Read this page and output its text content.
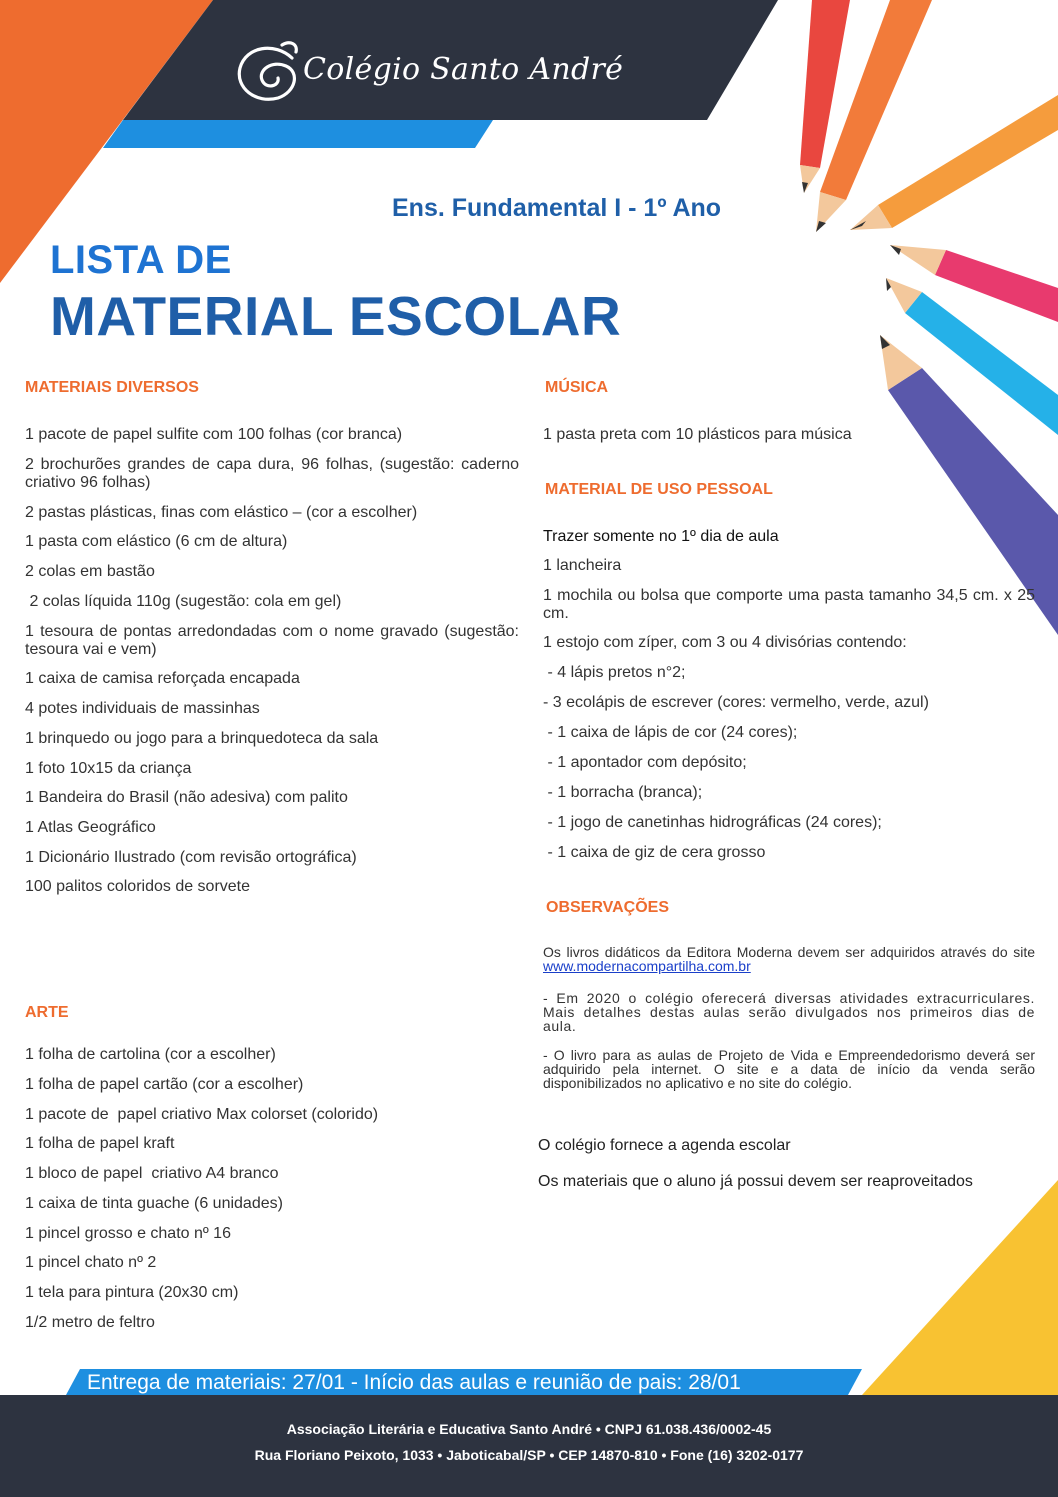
Colégio Santo André
Ens. Fundamental I - 1º Ano
LISTA DE
MATERIAL ESCOLAR
MATERIAIS DIVERSOS
1 pacote de papel sulfite com 100 folhas (cor branca)
2 brochurões grandes de capa dura, 96 folhas, (sugestão: caderno criativo 96 folhas)
2 pastas plásticas, finas com elástico – (cor a escolher)
1 pasta com elástico (6 cm de altura)
2 colas em bastão
2 colas líquida 110g (sugestão: cola em gel)
1 tesoura de pontas arredondadas com o nome gravado (sugestão: tesoura vai e vem)
1 caixa de camisa reforçada encapada
4 potes individuais de massinhas
1 brinquedo ou jogo para a brinquedoteca da sala
1 foto 10x15 da criança
1 Bandeira do Brasil (não adesiva) com palito
1 Atlas Geográfico
1 Dicionário Ilustrado (com revisão ortográfica)
100 palitos coloridos de sorvete
ARTE
1 folha de cartolina (cor a escolher)
1 folha de papel cartão (cor a escolher)
1 pacote de  papel criativo Max colorset (colorido)
1 folha de papel kraft
1 bloco de papel  criativo A4 branco
1 caixa de tinta guache (6 unidades)
1 pincel grosso e chato nº 16
1 pincel chato nº 2
1 tela para pintura (20x30 cm)
1/2 metro de feltro
MÚSICA
1 pasta preta com 10 plásticos para música
MATERIAL DE USO PESSOAL
Trazer somente no 1º dia de aula
1 lancheira
1 mochila ou bolsa que comporte uma pasta tamanho 34,5 cm. x 25 cm.
1 estojo com zíper, com 3 ou 4 divisórias contendo:
- 4 lápis pretos n°2;
- 3 ecolápis de escrever (cores: vermelho, verde, azul)
- 1 caixa de lápis de cor (24 cores);
- 1 apontador com depósito;
- 1 borracha (branca);
- 1 jogo de canetinhas hidrográficas (24 cores);
- 1 caixa de giz de cera grosso
OBSERVAÇÕES
Os livros didáticos da Editora Moderna devem ser adquiridos através do site www.modernacompartilha.com.br
- Em 2020 o colégio oferecerá diversas atividades extracurriculares. Mais detalhes destas aulas serão divulgados nos primeiros dias de aula.
- O livro para as aulas de Projeto de Vida e Empreendedorismo deverá ser adquirido pela internet. O site e a data de início da venda serão disponibilizados no aplicativo e no site do colégio.
O colégio fornece a agenda escolar
Os materiais que o aluno já possui devem ser reaproveitados
Entrega de materiais: 27/01 - Início das aulas e reunião de pais: 28/01
Associação Literária e Educativa Santo André • CNPJ 61.038.436/0002-45
Rua Floriano Peixoto, 1033 • Jaboticabal/SP • CEP 14870-810 • Fone (16) 3202-0177
